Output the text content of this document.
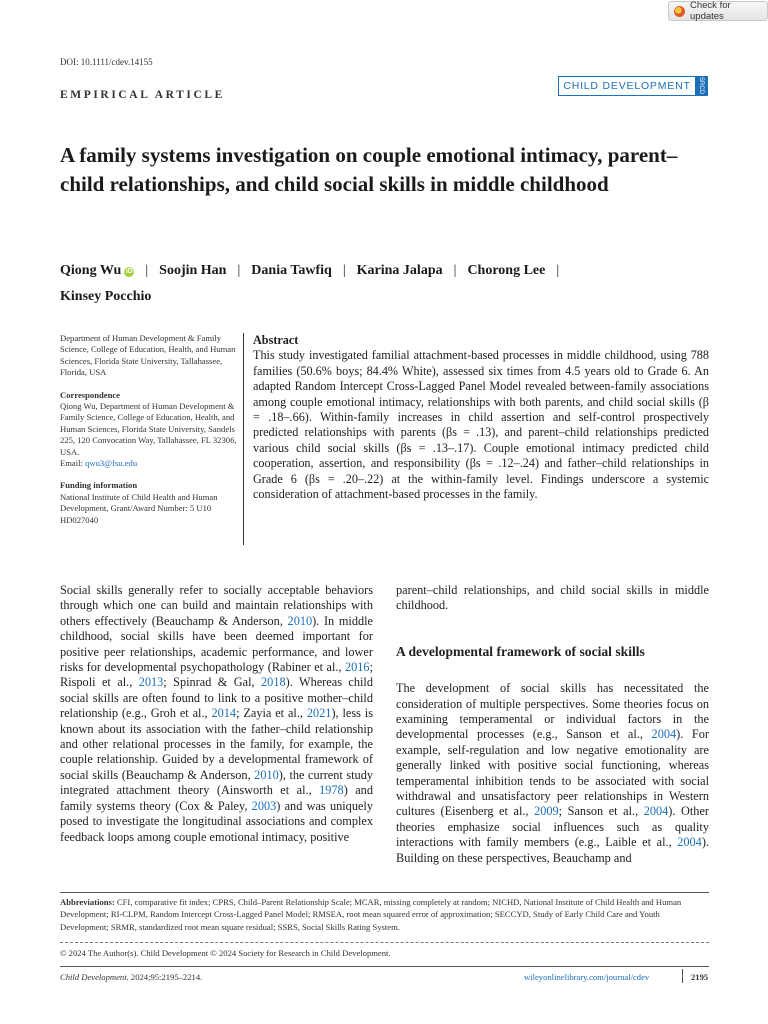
Check for updates
DOI: 10.1111/cdev.14155
EMPIRICAL ARTICLE
CHILD DEVELOPMENT	SRCD
A family systems investigation on couple emotional intimacy, parent–child relationships, and child social skills in middle childhood
Qiong Wu iD | Soojin Han | Dania Tawfiq | Karina Jalapa | Chorong Lee |
Kinsey Pocchio
Department of Human Development & Family Science, College of Education, Health, and Human Sciences, Florida State University, Tallahassee, Florida, USA
Correspondence
Qiong Wu, Department of Human Development & Family Science, College of Education, Health, and Human Sciences, Florida State University, Sandels 225, 120 Convocation Way, Tallahassee, FL 32306, USA.
Email: qwu3@fsu.edu
Funding information
National Institute of Child Health and Human Development, Grant/Award Number: 5 U10 HD027040
Abstract
This study investigated familial attachment-based processes in middle childhood, using 788 families (50.6% boys; 84.4% White), assessed six times from 4.5 years old to Grade 6. An adapted Random Intercept Cross-Lagged Panel Model revealed between-family associations among couple emotional intimacy, relationships with both parents, and child social skills (β = .18–.66). Within-family increases in child assertion and self-control prospectively predicted relationships with parents (βs = .13), and parent–child relationships predicted various child social skills (βs = .13–.17). Couple emotional intimacy predicted child cooperation, assertion, and responsibility (βs = .12–.24) and father–child relationships in Grade 6 (βs = .20–.22) at the within-family level. Findings underscore a systemic consideration of attachment-based processes in the family.
Social skills generally refer to socially acceptable behaviors through which one can build and maintain relationships with others effectively (Beauchamp & Anderson, 2010). In middle childhood, social skills have been deemed important for positive peer relationships, academic performance, and lower risks for developmental psychopathology (Rabiner et al., 2016; Rispoli et al., 2013; Spinrad & Gal, 2018). Whereas child social skills are often found to link to a positive mother–child relationship (e.g., Groh et al., 2014; Zayia et al., 2021), less is known about its association with the father–child relationship and other relational processes in the family, for example, the couple relationship. Guided by a developmental framework of social skills (Beauchamp & Anderson, 2010), the current study integrated attachment theory (Ainsworth et al., 1978) and family systems theory (Cox & Paley, 2003) and was uniquely posed to investigate the longitudinal associations and complex feedback loops among couple emotional intimacy, positive
parent–child relationships, and child social skills in middle childhood.
A developmental framework of social skills
The development of social skills has necessitated the consideration of multiple perspectives. Some theories focus on examining temperamental or individual factors in the developmental processes (e.g., Sanson et al., 2004). For example, self-regulation and low negative emotionality are generally linked with positive social functioning, whereas temperamental inhibition tends to be associated with social withdrawal and unsatisfactory peer relationships in Western cultures (Eisenberg et al., 2009; Sanson et al., 2004). Other theories emphasize social influences such as quality interactions with family members (e.g., Laible et al., 2004). Building on these perspectives, Beauchamp and
Abbreviations: CFI, comparative fit index; CPRS, Child–Parent Relationship Scale; MCAR, missing completely at random; NICHD, National Institute of Child Health and Human Development; RI-CLPM, Random Intercept Cross-Lagged Panel Model; RMSEA, root mean squared error of approximation; SECCYD, Study of Early Child Care and Youth Development; SRMR, standardized root mean square residual; SSRS, Social Skills Rating System.
© 2024 The Author(s). Child Development © 2024 Society for Research in Child Development.
Child Development. 2024;95:2195–2214.	wileyonlinelibrary.com/journal/cdev	2195
